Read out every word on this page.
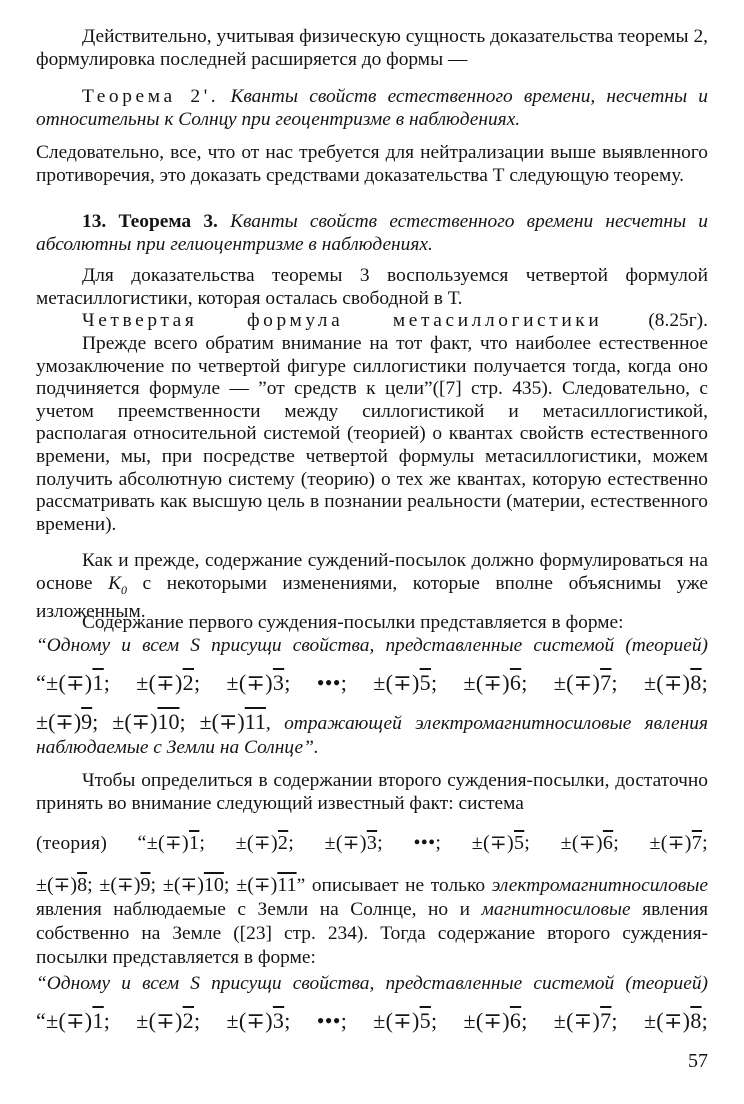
Действительно, учитывая физическую сущность доказательства теоремы 2, формулировка последней расширяется до формы —

Теорема 2'. Кванты свойств естественного времени, несчетны и относительны к Солнцу при геоцентризме в наблюдениях.

Следовательно, все, что от нас требуется для нейтрализации выше выявленного противоречия, это доказать средствами доказательства Т следующую теорему.

13. Теорема 3. Кванты свойств естественного времени несчетны и абсолютны при гелиоцентризме в наблюдениях.

Для доказательства теоремы 3 воспользуемся четвертой формулой метасиллогистики, которая осталась свободной в Т.

Четвертая формула метасиллогистики (8.25г).

Прежде всего обратим внимание на тот факт, что наиболее естественное умозаключение по четвертой фигуре силлогистики получается тогда, когда оно подчиняется формуле — ”от средств к цели”([7] стр. 435). Следовательно, с учетом преемственности между силлогистикой и метасиллогистикой, располагая относительной системой (теорией) о квантах свойств естественного времени, мы, при посредстве четвертой формулы метасиллогистики, можем получить абсолютную систему (теорию) о тех же квантах, которую естественно рассматривать как высшую цель в познании реальности (материи, естественного времени).

Как и прежде, содержание суждений-посылок должно формулироваться на основе $K_0$ с некоторыми изменениями, которые вполне объяснимы уже изложенным.

Содержание первого суждения-посылки представляется в форме:

“Одному и всем S присущи свойства, представленные системой (теорией)

“±(∓)1; ±(∓)2; ±(∓)3; •••; ±(∓)5; ±(∓)6; ±(∓)7; ±(∓)8;
±(∓)9; ±(∓)10; ±(∓)11, отражающей электромагнитносиловые явления наблюдаемые с Земли на Солнце”.

Чтобы определиться в содержании второго суждения-посылки, достаточно принять во внимание следующий известный факт: система

(теория) “±(∓)1; ±(∓)2; ±(∓)3; •••; ±(∓)5; ±(∓)6; ±(∓)7;
±(∓)8; ±(∓)9; ±(∓)10; ±(∓)11” описывает не только электромагнитносиловые явления наблюдаемые с Земли на Солнце, но и магнитносиловые явления собственно на Земле ([23] стр. 234). Тогда содержание второго суждения-посылки представляется в форме:

“Одному и всем S присущи свойства, представленные системой (теорией)

“±(∓)1; ±(∓)2; ±(∓)3; •••; ±(∓)5; ±(∓)6; ±(∓)7; ±(∓)8;
57
